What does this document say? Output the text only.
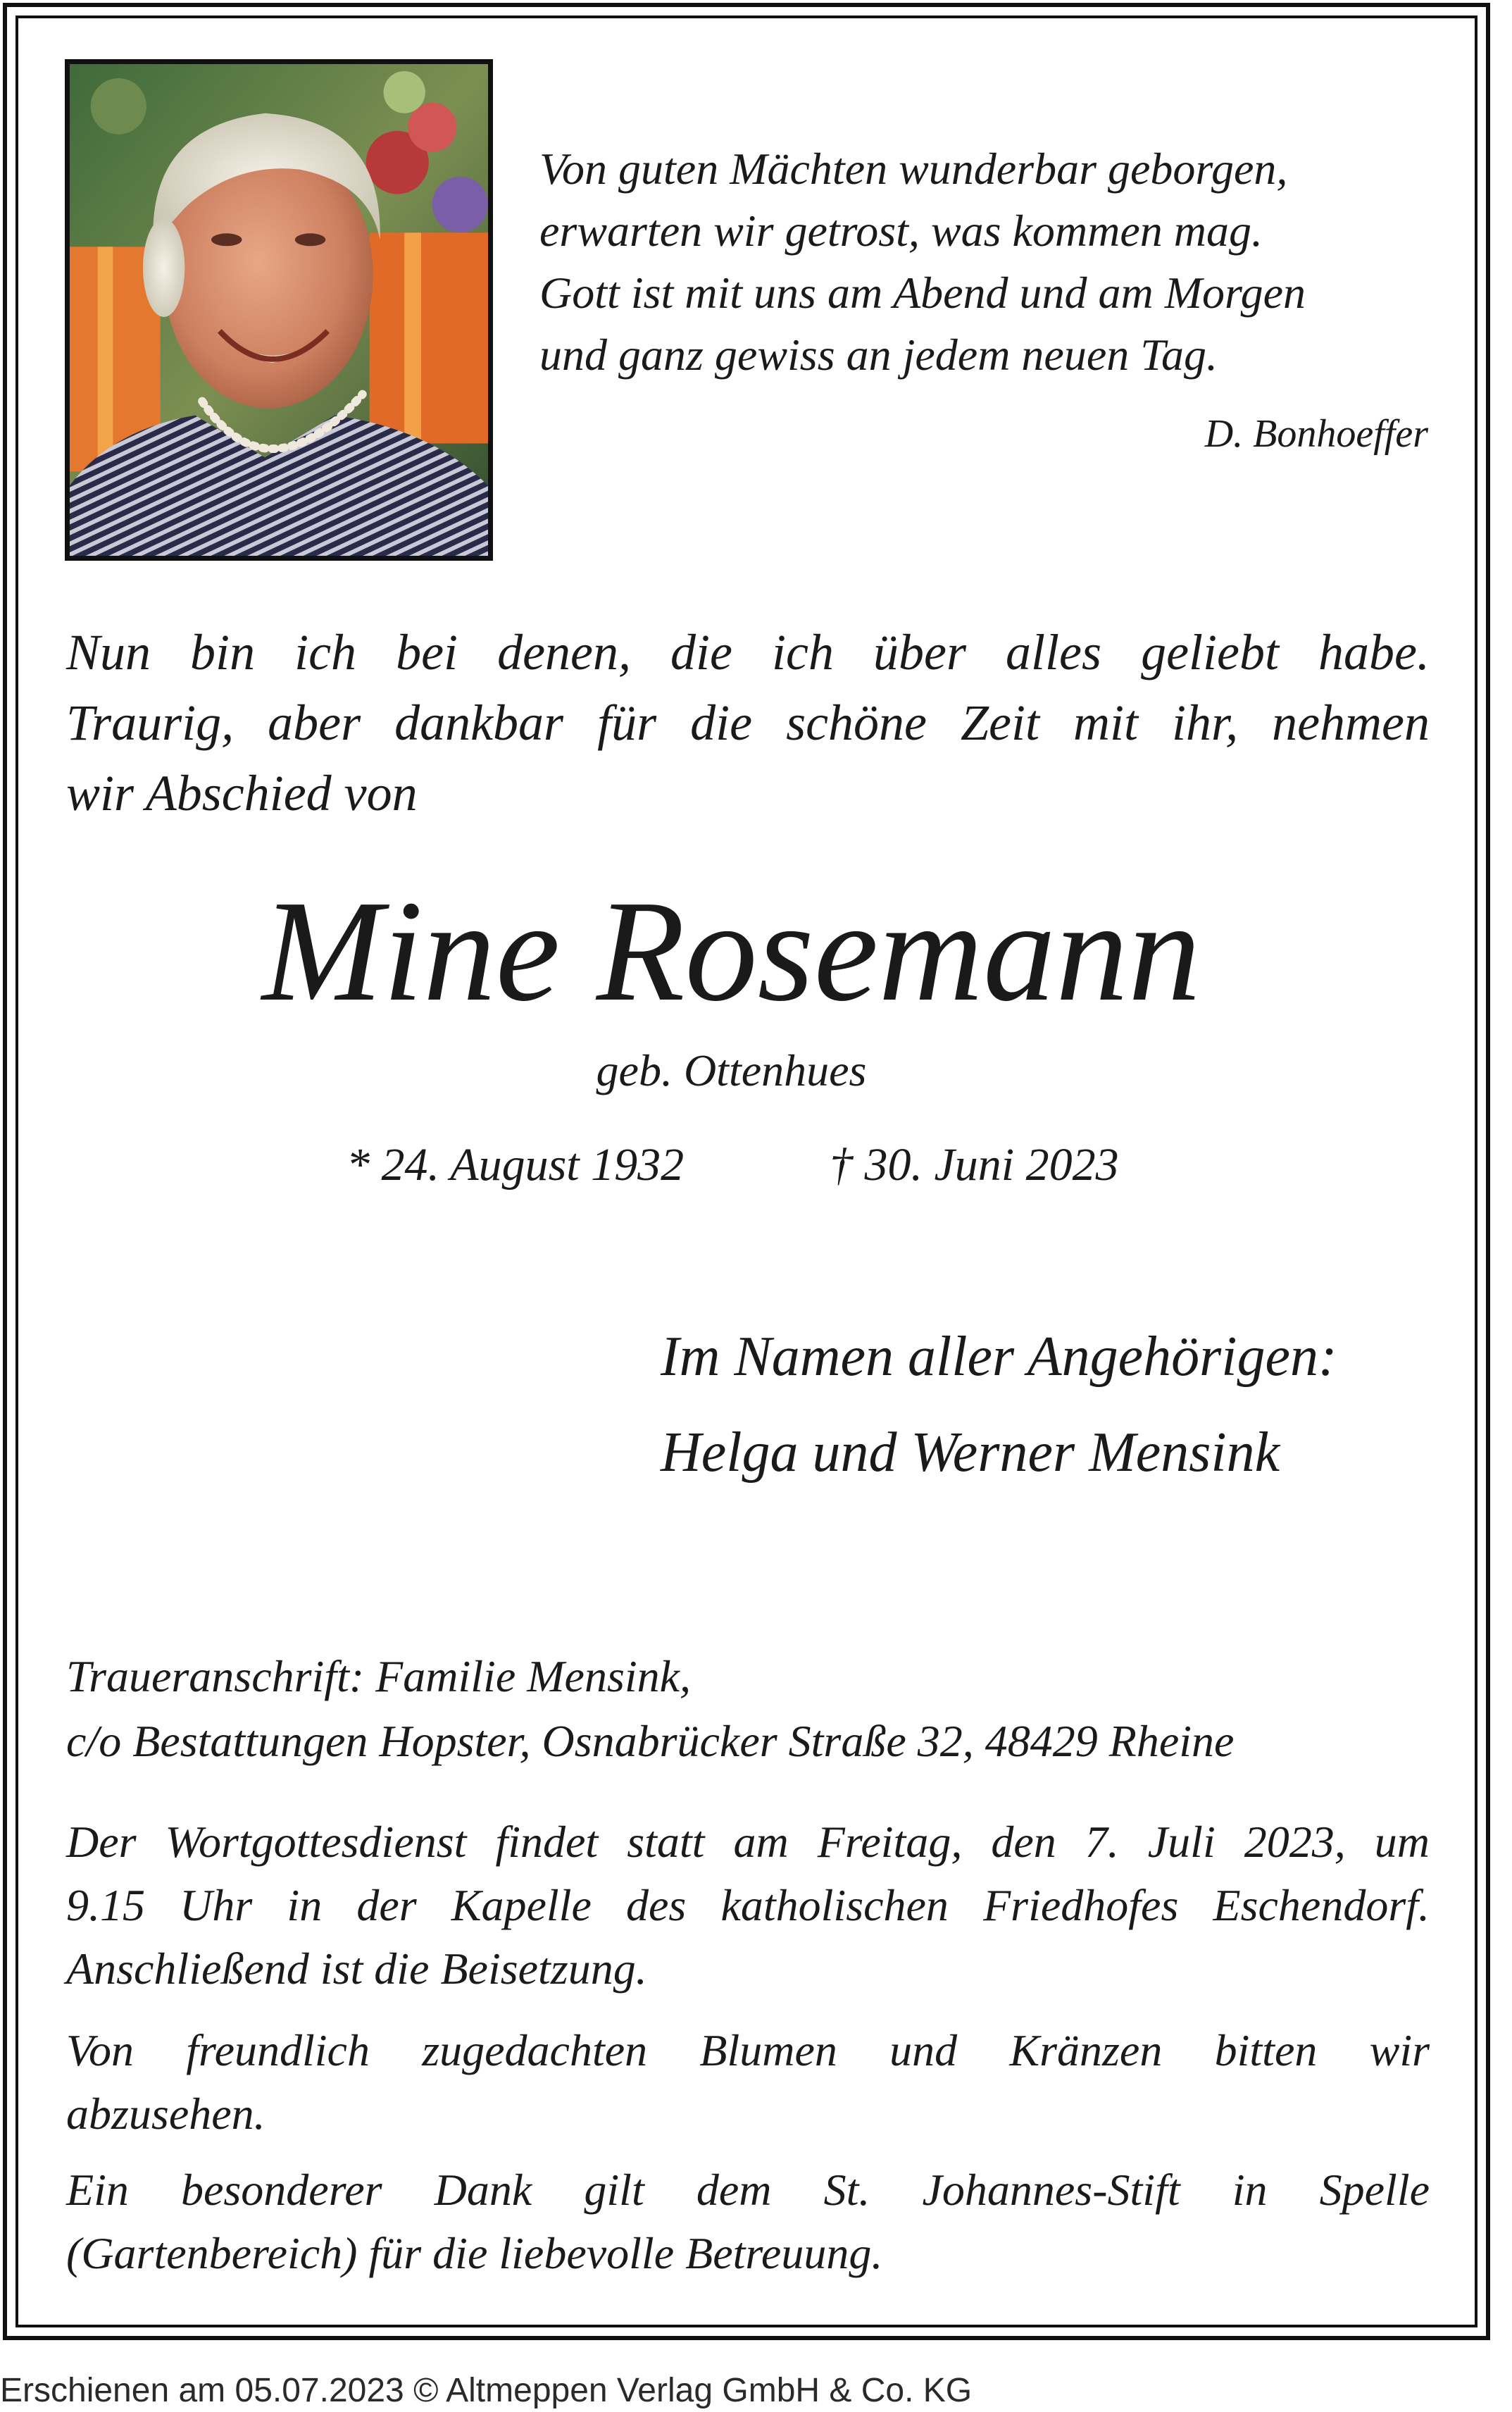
Von guten Mächten wunderbar geborgen,
erwarten wir getrost, was kommen mag.
Gott ist mit uns am Abend und am Morgen
und ganz gewiss an jedem neuen Tag.
D. Bonhoeffer
Nun bin ich bei denen, die ich über alles geliebt habe.
Traurig, aber dankbar für die schöne Zeit mit ihr, nehmen
wir Abschied von
Mine Rosemann
geb. Ottenhues
* 24. August 1932	† 30. Juni 2023
Im Namen aller Angehörigen:
Helga und Werner Mensink
Traueranschrift: Familie Mensink,
c/o Bestattungen Hopster, Osnabrücker Straße 32, 48429 Rheine
Der Wortgottesdienst findet statt am Freitag, den 7. Juli 2023, um
9.15 Uhr in der Kapelle des katholischen Friedhofes Eschendorf.
Anschließend ist die Beisetzung.
Von freundlich zugedachten Blumen und Kränzen bitten wir
abzusehen.
Ein besonderer Dank gilt dem St. Johannes-Stift in Spelle
(Gartenbereich) für die liebevolle Betreuung.
Erschienen am 05.07.2023 © Altmeppen Verlag GmbH & Co. KG
